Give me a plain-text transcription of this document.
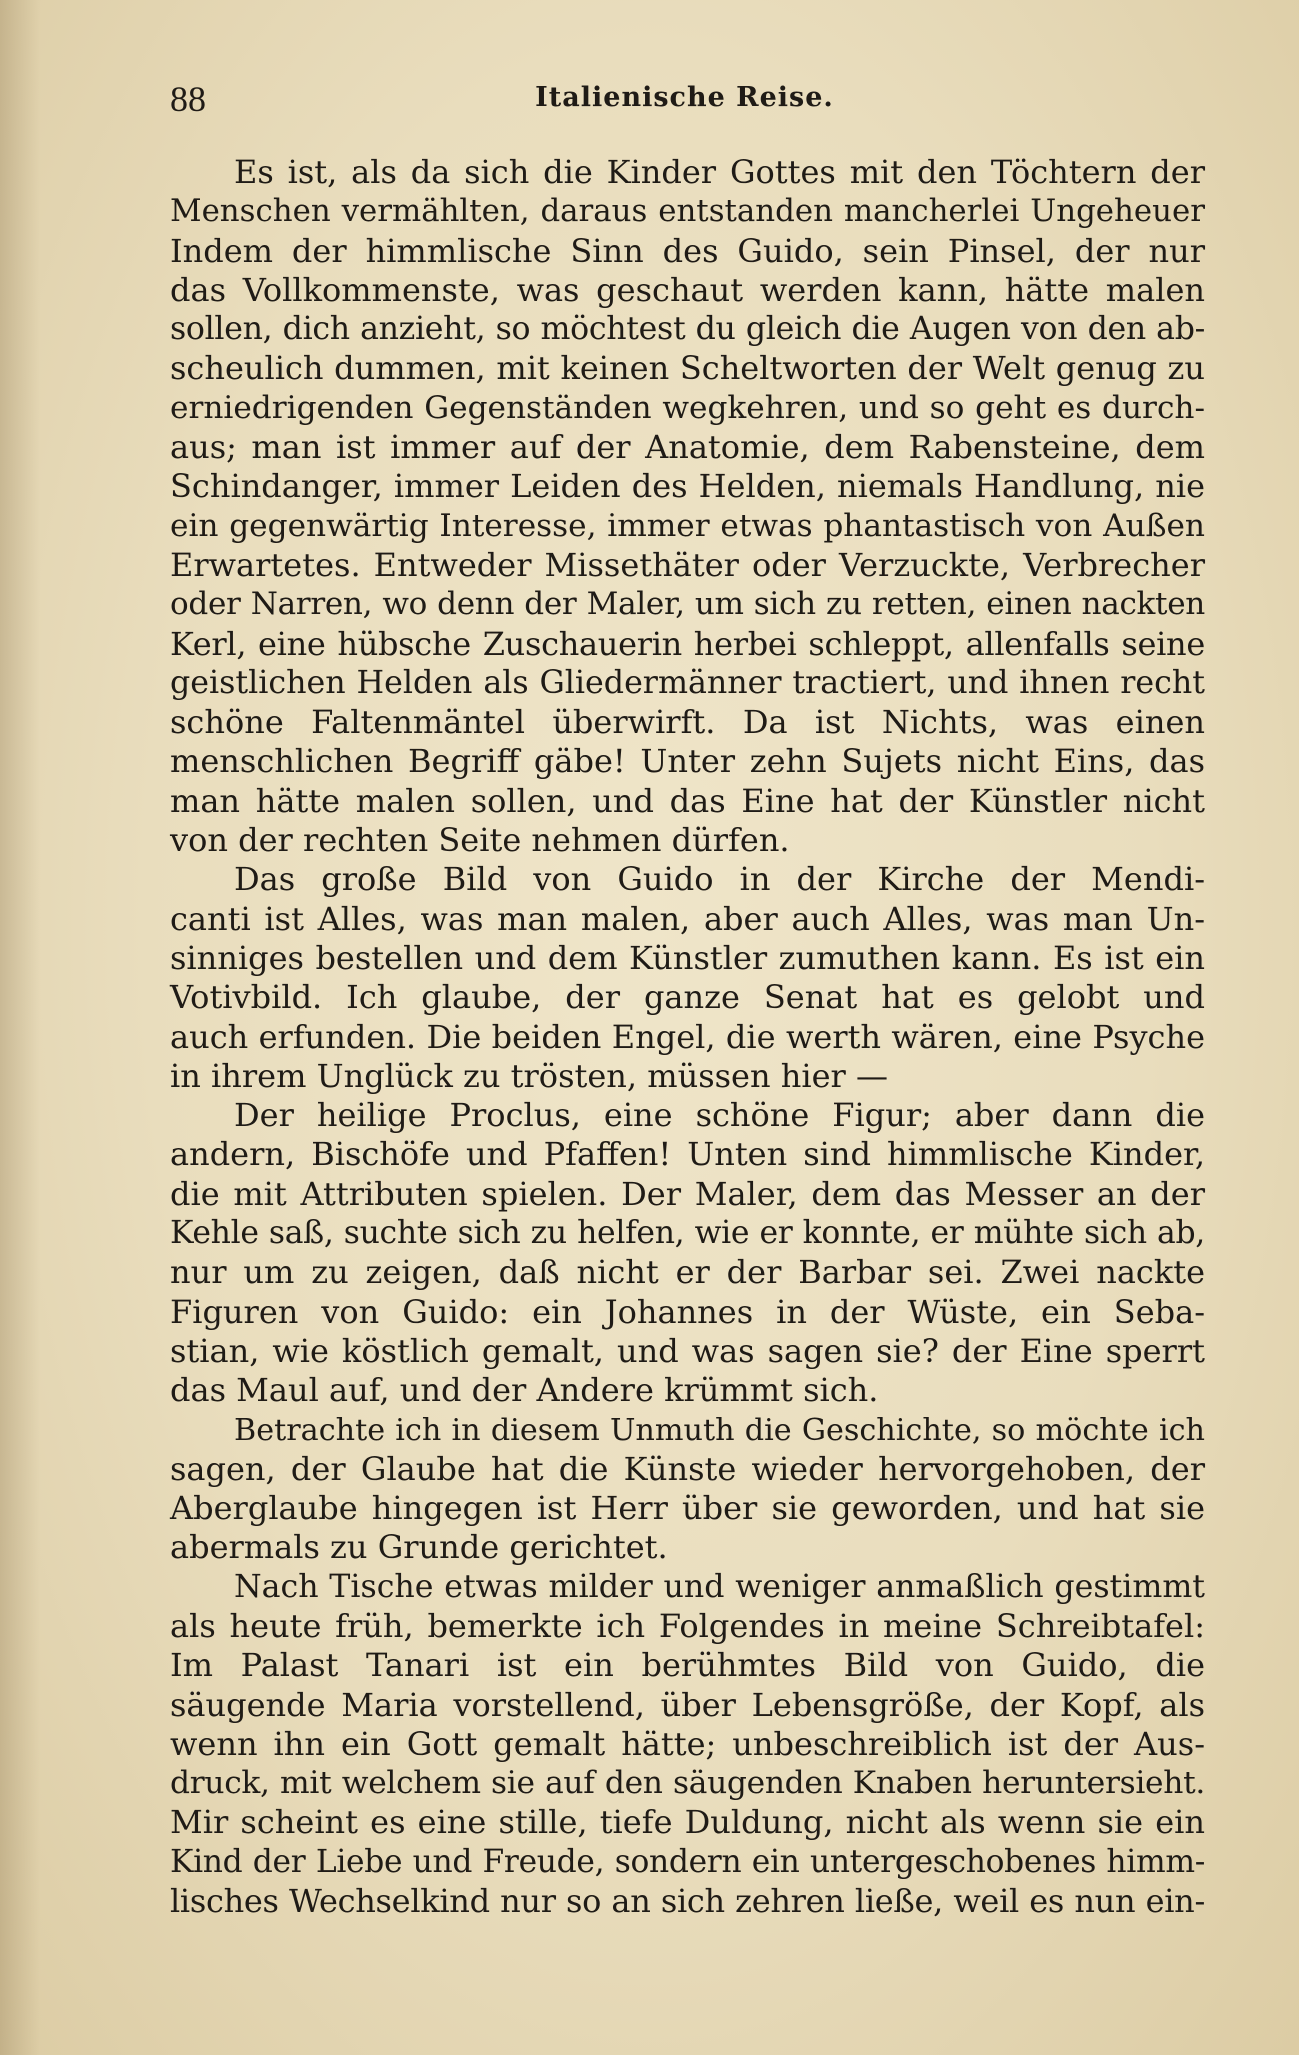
88	Italienische Reise.
Es ist, als da sich die Kinder Gottes mit den Töchtern der
Menschen vermählten, daraus entstanden mancherlei Ungeheuer
Indem der himmlische Sinn des Guido, sein Pinsel, der nur
das Vollkommenste, was geschaut werden kann, hätte malen
sollen, dich anzieht, so möchtest du gleich die Augen von den ab-
scheulich dummen, mit keinen Scheltworten der Welt genug zu
erniedrigenden Gegenständen wegkehren, und so geht es durch-
aus; man ist immer auf der Anatomie, dem Rabensteine, dem
Schindanger, immer Leiden des Helden, niemals Handlung, nie
ein gegenwärtig Interesse, immer etwas phantastisch von Außen
Erwartetes. Entweder Missethäter oder Verzuckte, Verbrecher
oder Narren, wo denn der Maler, um sich zu retten, einen nackten
Kerl, eine hübsche Zuschauerin herbei schleppt, allenfalls seine
geistlichen Helden als Gliedermänner tractiert, und ihnen recht
schöne Faltenmäntel überwirft. Da ist Nichts, was einen
menschlichen Begriff gäbe! Unter zehn Sujets nicht Eins, das
man hätte malen sollen, und das Eine hat der Künstler nicht
von der rechten Seite nehmen dürfen.
Das große Bild von Guido in der Kirche der Mendi-
canti ist Alles, was man malen, aber auch Alles, was man Un-
sinniges bestellen und dem Künstler zumuthen kann. Es ist ein
Votivbild. Ich glaube, der ganze Senat hat es gelobt und
auch erfunden. Die beiden Engel, die werth wären, eine Psyche
in ihrem Unglück zu trösten, müssen hier —
Der heilige Proclus, eine schöne Figur; aber dann die
andern, Bischöfe und Pfaffen! Unten sind himmlische Kinder,
die mit Attributen spielen. Der Maler, dem das Messer an der
Kehle saß, suchte sich zu helfen, wie er konnte, er mühte sich ab,
nur um zu zeigen, daß nicht er der Barbar sei. Zwei nackte
Figuren von Guido: ein Johannes in der Wüste, ein Seba-
stian, wie köstlich gemalt, und was sagen sie? der Eine sperrt
das Maul auf, und der Andere krümmt sich.
Betrachte ich in diesem Unmuth die Geschichte, so möchte ich
sagen, der Glaube hat die Künste wieder hervorgehoben, der
Aberglaube hingegen ist Herr über sie geworden, und hat sie
abermals zu Grunde gerichtet.
Nach Tische etwas milder und weniger anmaßlich gestimmt
als heute früh, bemerkte ich Folgendes in meine Schreibtafel:
Im Palast Tanari ist ein berühmtes Bild von Guido, die
säugende Maria vorstellend, über Lebensgröße, der Kopf, als
wenn ihn ein Gott gemalt hätte; unbeschreiblich ist der Aus-
druck, mit welchem sie auf den säugenden Knaben heruntersieht.
Mir scheint es eine stille, tiefe Duldung, nicht als wenn sie ein
Kind der Liebe und Freude, sondern ein untergeschobenes himm-
lisches Wechselkind nur so an sich zehren ließe, weil es nun ein-
